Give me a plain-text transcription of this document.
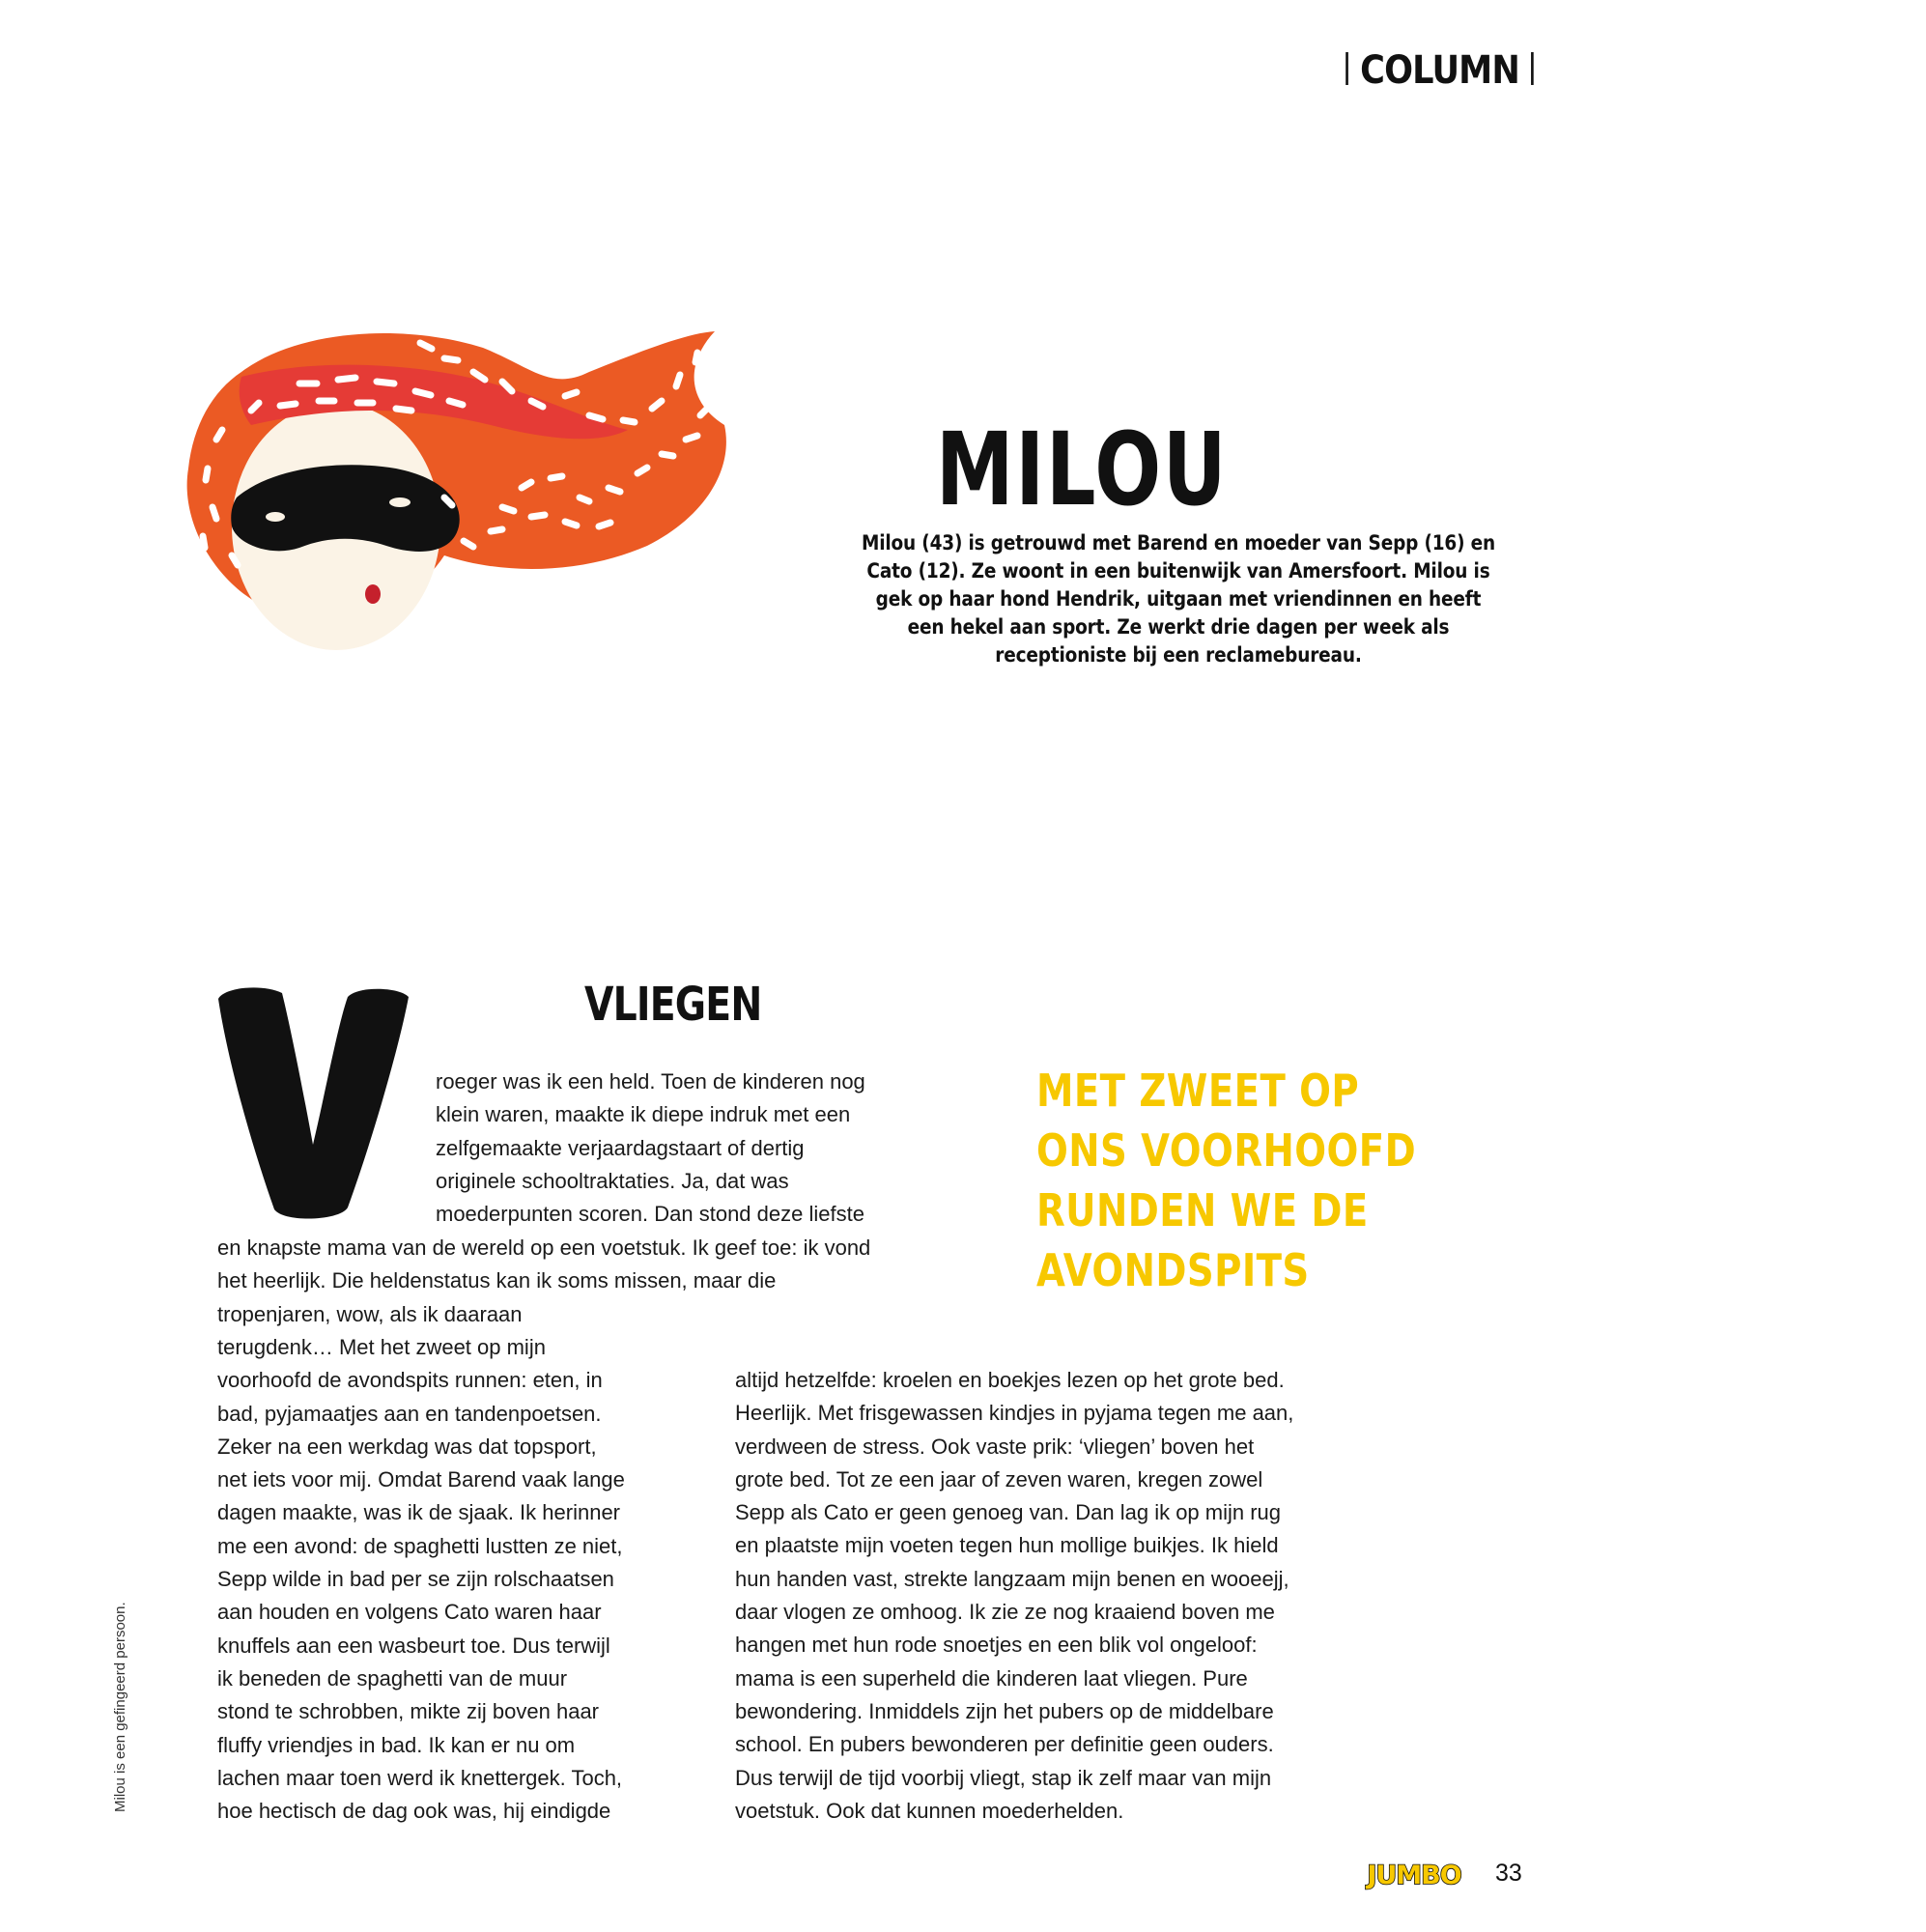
COLUMN
MILOU
Milou (43) is getrouwd met Barend en moeder van Sepp (16) en
Cato (12). Ze woont in een buitenwijk van Amersfoort. Milou is
gek op haar hond Hendrik, uitgaan met vriendinnen en heeft
een hekel aan sport. Ze werkt drie dagen per week als
receptioniste bij een reclamebureau.
V	VLIEGEN
roeger was ik een held. Toen de kinderen nog
klein waren, maakte ik diepe indruk met een
zelfgemaakte verjaardagstaart of dertig
originele schooltraktaties. Ja, dat was
moederpunten scoren. Dan stond deze liefste
en knapste mama van de wereld op een voetstuk. Ik geef toe: ik vond
het heerlijk. Die heldenstatus kan ik soms missen, maar die
tropenjaren, wow, als ik daaraan
terugdenk… Met het zweet op mijn
voorhoofd de avondspits runnen: eten, in
bad, pyjamaatjes aan en tandenpoetsen.
Zeker na een werkdag was dat topsport,
net iets voor mij. Omdat Barend vaak lange
dagen maakte, was ik de sjaak. Ik herinner
me een avond: de spaghetti lustten ze niet,
Sepp wilde in bad per se zijn rolschaatsen
aan houden en volgens Cato waren haar
knuffels aan een wasbeurt toe. Dus terwijl
ik beneden de spaghetti van de muur
stond te schrobben, mikte zij boven haar
fluffy vriendjes in bad. Ik kan er nu om
lachen maar toen werd ik knettergek. Toch,
hoe hectisch de dag ook was, hij eindigde
altijd hetzelfde: kroelen en boekjes lezen op het grote bed.
Heerlijk. Met frisgewassen kindjes in pyjama tegen me aan,
verdween de stress. Ook vaste prik: ‘vliegen’ boven het
grote bed. Tot ze een jaar of zeven waren, kregen zowel
Sepp als Cato er geen genoeg van. Dan lag ik op mijn rug
en plaatste mijn voeten tegen hun mollige buikjes. Ik hield
hun handen vast, strekte langzaam mijn benen en wooeejj,
daar vlogen ze omhoog. Ik zie ze nog kraaiend boven me
hangen met hun rode snoetjes en een blik vol ongeloof:
mama is een superheld die kinderen laat vliegen. Pure
bewondering. Inmiddels zijn het pubers op de middelbare
school. En pubers bewonderen per definitie geen ouders.
Dus terwijl de tijd voorbij vliegt, stap ik zelf maar van mijn
voetstuk. Ook dat kunnen moederhelden.
MET ZWEET OP
ONS VOORHOOFD
RUNDEN WE DE
AVONDSPITS
Milou is een gefingeerd persoon.
JUMBO 33
